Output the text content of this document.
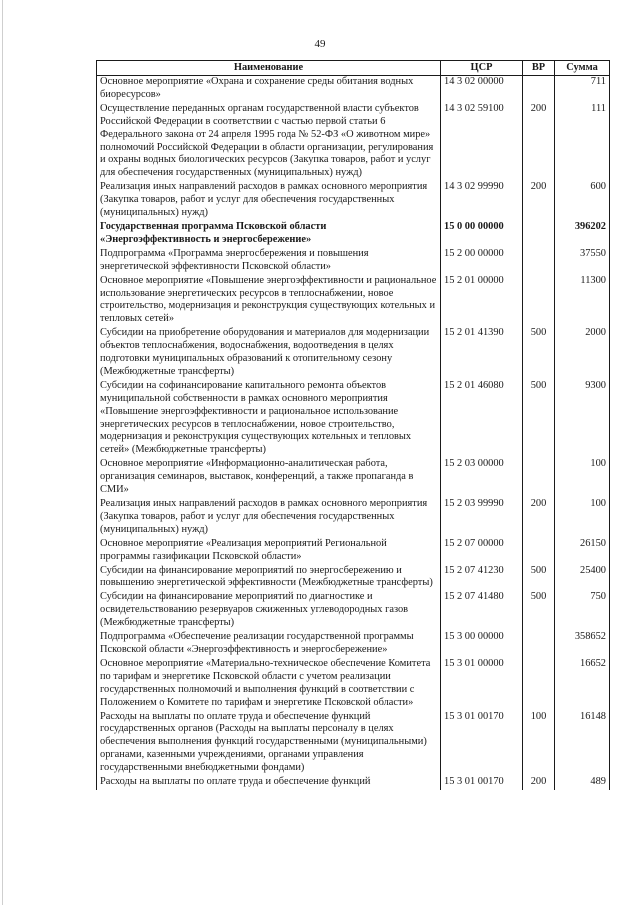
49
Наименование	ЦСР	ВР	Сумма
Основное мероприятие «Охрана и сохранение среды обитания водных биоресурсов»	14 3 02 00000		711
Осуществление переданных органам государственной власти субъектов Российской Федерации в соответствии с частью первой статьи 6 Федерального закона от 24 апреля 1995 года № 52-ФЗ «О животном мире» полномочий Российской Федерации в области организации, регулирования и охраны водных биологических ресурсов (Закупка товаров, работ и услуг для обеспечения государственных (муниципальных) нужд)	14 3 02 59100	200	111
Реализация иных направлений расходов в рамках основного мероприятия (Закупка товаров, работ и услуг для обеспечения государственных (муниципальных) нужд)	14 3 02 99990	200	600
Государственная программа Псковской области «Энергоэффективность и энергосбережение»	15 0 00 00000		396202
Подпрограмма «Программа энергосбережения и повышения энергетической эффективности Псковской области»	15 2 00 00000		37550
Основное мероприятие «Повышение энергоэффективности и рациональное использование энергетических ресурсов в теплоснабжении, новое строительство, модернизация и реконструкция существующих котельных и тепловых сетей»	15 2 01 00000		11300
Субсидии на приобретение оборудования и материалов для модернизации объектов теплоснабжения, водоснабжения, водоотведения в целях подготовки муниципальных образований к отопительному сезону (Межбюджетные трансферты)	15 2 01 41390	500	2000
Субсидии на софинансирование капитального ремонта объектов муниципальной собственности в рамках основного мероприятия «Повышение энергоэффективности и рациональное использование энергетических ресурсов в теплоснабжении, новое строительство, модернизация и реконструкция существующих котельных и тепловых сетей» (Межбюджетные трансферты)	15 2 01 46080	500	9300
Основное мероприятие «Информационно-аналитическая работа, организация семинаров, выставок, конференций, а также пропаганда в СМИ»	15 2 03 00000		100
Реализация иных направлений расходов в рамках основного мероприятия (Закупка товаров, работ и услуг для обеспечения государственных (муниципальных) нужд)	15 2 03 99990	200	100
Основное мероприятие «Реализация мероприятий Региональной программы газификации Псковской области»	15 2 07 00000		26150
Субсидии на финансирование мероприятий по энергосбережению и повышению энергетической эффективности (Межбюджетные трансферты)	15 2 07 41230	500	25400
Субсидии на финансирование мероприятий по диагностике и освидетельствованию резервуаров сжиженных углеводородных газов (Межбюджетные трансферты)	15 2 07 41480	500	750
Подпрограмма «Обеспечение реализации государственной программы Псковской области «Энергоэффективность и энергосбережение»	15 3 00 00000		358652
Основное мероприятие «Материально-техническое обеспечение Комитета по тарифам и энергетике Псковской области с учетом реализации государственных полномочий и выполнения функций в соответствии с Положением о Комитете по тарифам и энергетике Псковской области»	15 3 01 00000		16652
Расходы на выплаты по оплате труда и обеспечение функций государственных органов (Расходы на выплаты персоналу в целях обеспечения выполнения функций государственными (муниципальными) органами, казенными учреждениями, органами управления государственными внебюджетными фондами)	15 3 01 00170	100	16148
Расходы на выплаты по оплате труда и обеспечение функций	15 3 01 00170	200	489
